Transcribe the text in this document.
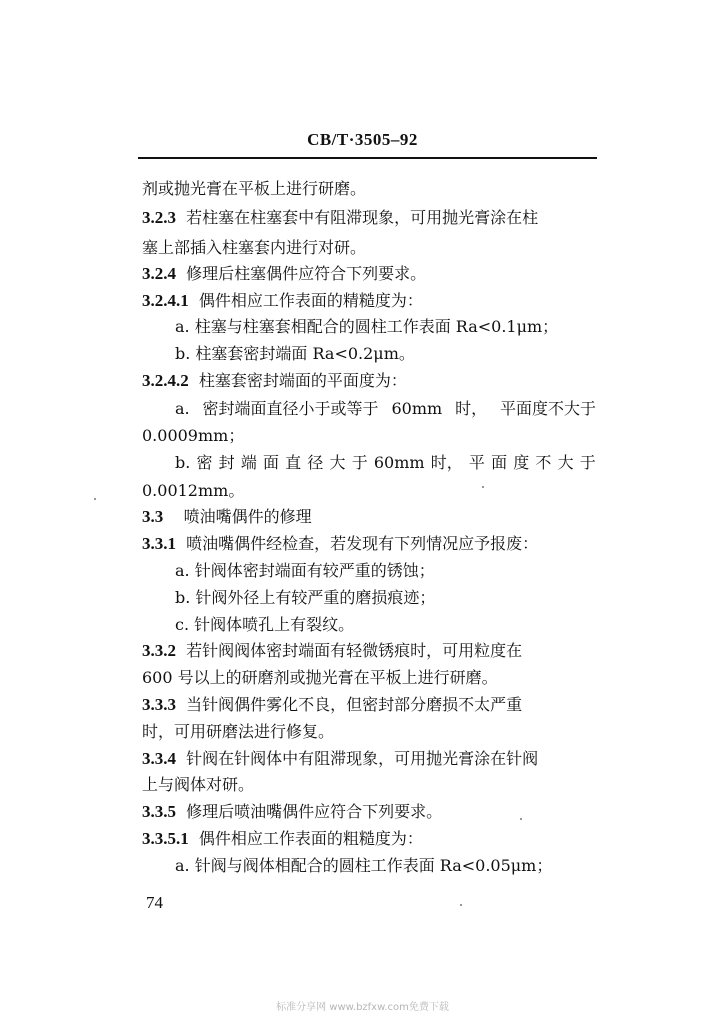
CB/T·3505–92
剂或抛光膏在平板上进行研磨。
3.2.3 若柱塞在柱塞套中有阻滞现象，可用抛光膏涂在柱
塞上部插入柱塞套内进行对研。
3.2.4 修理后柱塞偶件应符合下列要求。
3.2.4.1 偶件相应工作表面的精糙度为：
a. 柱塞与柱塞套相配合的圆柱工作表面 Ra<0.1μm；
b. 柱塞套密封端面 Ra<0.2μm。
3.2.4.2 柱塞套密封端面的平面度为：
a. 密封端面直径小于或等于 60mm 时， 平面度不大于
0.0009mm；
b. 密 封 端 面 直 径 大 于 60mm 时， 平 面 度 不 大 于
0.0012mm。
3.3 喷油嘴偶件的修理
3.3.1 喷油嘴偶件经检查，若发现有下列情况应予报废：
a. 针阀体密封端面有较严重的锈蚀；
b. 针阀外径上有较严重的磨损痕迹；
c. 针阀体喷孔上有裂纹。
3.3.2 若针阀阀体密封端面有轻微锈痕时，可用粒度在
600 号以上的研磨剂或抛光膏在平板上进行研磨。
3.3.3 当针阀偶件雾化不良，但密封部分磨损不太严重
时，可用研磨法进行修复。
3.3.4 针阀在针阀体中有阻滞现象，可用抛光膏涂在针阀
上与阀体对研。
3.3.5 修理后喷油嘴偶件应符合下列要求。
3.3.5.1 偶件相应工作表面的粗糙度为：
a. 针阀与阀体相配合的圆柱工作表面 Ra<0.05μm；
74
标准分享网 www.bzfxw.com免费下载
